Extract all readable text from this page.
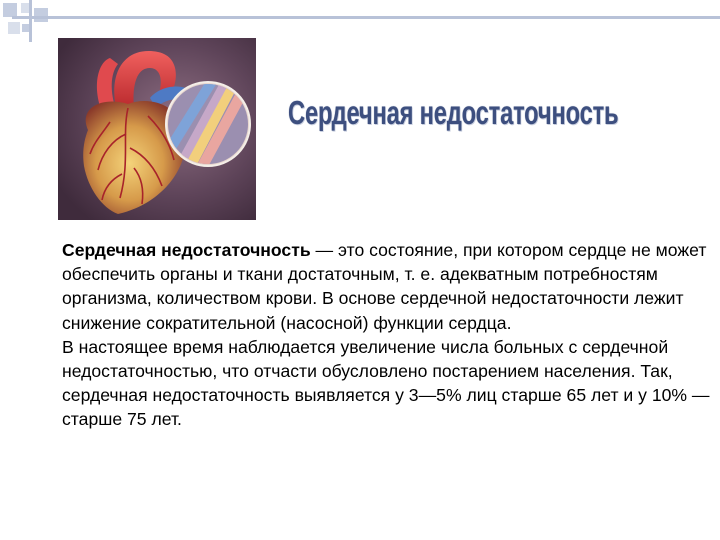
Сердечная недостаточность

Сердечная недостаточность — это состояние, при котором сердце не может обеспечить органы и ткани достаточным, т. е. адекватным потребностям организма, количеством крови. В основе сердечной недостаточности лежит снижение сократительной (насосной) функции сердца.

В настоящее время наблюдается увеличение числа больных с сердечной недостаточностью, что отчасти обусловлено постарением населения. Так, сердечная недостаточность выявляется у 3—5% лиц старше 65 лет и у 10% — старше 75 лет.
